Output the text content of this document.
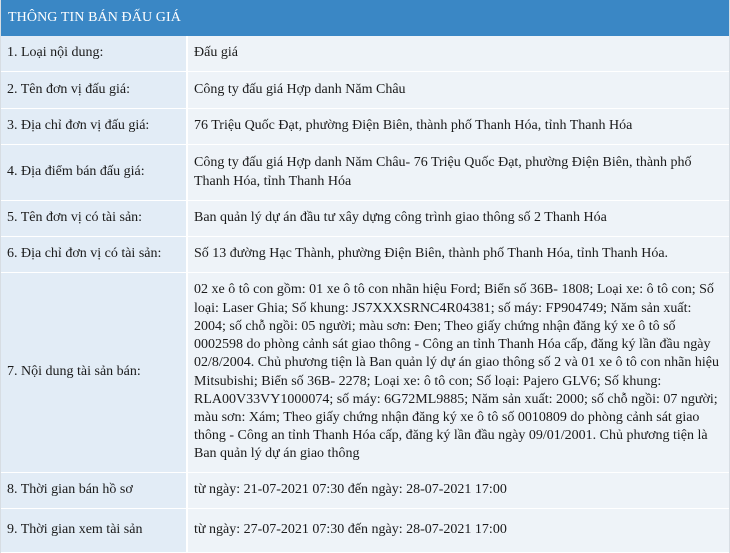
THÔNG TIN BÁN ĐẤU GIÁ
1. Loại nội dung:	Đấu giá
2. Tên đơn vị đấu giá:	Công ty đấu giá Hợp danh Năm Châu
3. Địa chỉ đơn vị đấu giá:	76 Triệu Quốc Đạt, phường Điện Biên, thành phố Thanh Hóa, tỉnh Thanh Hóa
4. Địa điểm bán đấu giá:	Công ty đấu giá Hợp danh Năm Châu- 76 Triệu Quốc Đạt, phường Điện Biên, thành phố Thanh Hóa, tỉnh Thanh Hóa
5. Tên đơn vị có tài sản:	Ban quản lý dự án đầu tư xây dựng công trình giao thông số 2 Thanh Hóa
6. Địa chỉ đơn vị có tài sản:	Số 13 đường Hạc Thành, phường Điện Biên, thành phố Thanh Hóa, tỉnh Thanh Hóa.
7. Nội dung tài sản bán:	02 xe ô tô con gồm: 01 xe ô tô con nhãn hiệu Ford; Biển số 36B- 1808; Loại xe: ô tô con; Số loại: Laser Ghia; Số khung: JS7XXXSRNC4R04381; số máy: FP904749; Năm sản xuất: 2004; số chỗ ngồi: 05 người; màu sơn: Đen; Theo giấy chứng nhận đăng ký xe ô tô số 0002598 do phòng cảnh sát giao thông - Công an tỉnh Thanh Hóa cấp, đăng ký lần đầu ngày 02/8/2004. Chủ phương tiện là Ban quản lý dự án giao thông số 2 và 01 xe ô tô con nhãn hiệu Mitsubishi; Biển số 36B- 2278; Loại xe: ô tô con; Số loại: Pajero GLV6; Số khung: RLA00V33VY1000074; số máy: 6G72ML9885; Năm sản xuất: 2000; số chỗ ngồi: 07 người; màu sơn: Xám; Theo giấy chứng nhận đăng ký xe ô tô số 0010809 do phòng cảnh sát giao thông - Công an tỉnh Thanh Hóa cấp, đăng ký lần đầu ngày 09/01/2001. Chủ phương tiện là Ban quản lý dự án giao thông
8. Thời gian bán hồ sơ	từ ngày: 21-07-2021 07:30 đến ngày: 28-07-2021 17:00
9. Thời gian xem tài sản	từ ngày: 27-07-2021 07:30 đến ngày: 28-07-2021 17:00
